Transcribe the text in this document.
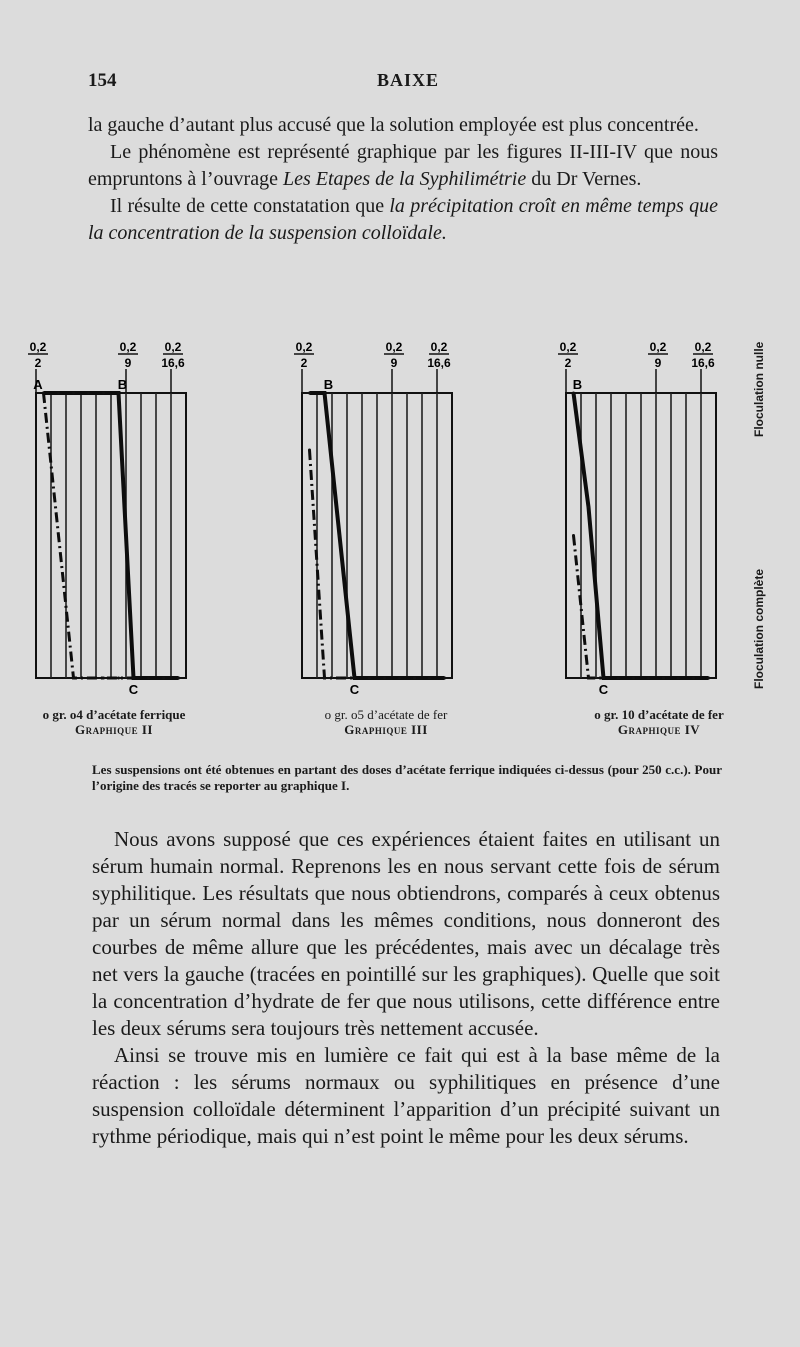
154	BAIXE

la gauche d’autant plus accusé que la solution employée est plus concentrée.

Le phénomène est représenté graphique par les figures II-III-IV que nous empruntons à l’ouvrage Les Etapes de la Syphilimétrie du Dr Vernes.

Il résulte de cette constatation que la précipitation croît en même temps que la concentration de la suspension colloïdale.

0,2
2
0,2
9
0,2
16,6
A	B
C
0,2
2
0,2
9
0,2
16,6
B
C
0,2
2
0,2
9
0,2
16,6
B
C
Floculation nulle
Floculation complète
o gr. o4 d’acétate ferrique
Graphique II
o gr. o5 d’acétate de fer
Graphique III
o gr. 10 d’acétate de fer
Graphique IV
Les suspensions ont été obtenues en partant des doses d’acétate ferrique indiquées ci-dessus (pour 250 c.c.). Pour l’origine des tracés se reporter au graphique I.

Nous avons supposé que ces expériences étaient faites en utilisant un sérum humain normal. Reprenons les en nous servant cette fois de sérum syphilitique. Les résultats que nous obtiendrons, comparés à ceux obtenus par un sérum normal dans les mêmes conditions, nous donneront des courbes de même allure que les précédentes, mais avec un décalage très net vers la gauche (tracées en pointillé sur les graphiques). Quelle que soit la concentration d’hydrate de fer que nous utilisons, cette différence entre les deux sérums sera toujours très nettement accusée.

Ainsi se trouve mis en lumière ce fait qui est à la base même de la réaction : les sérums normaux ou syphilitiques en présence d’une suspension colloïdale déterminent l’apparition d’un précipité suivant un rythme périodique, mais qui n’est point le même pour les deux sérums.
